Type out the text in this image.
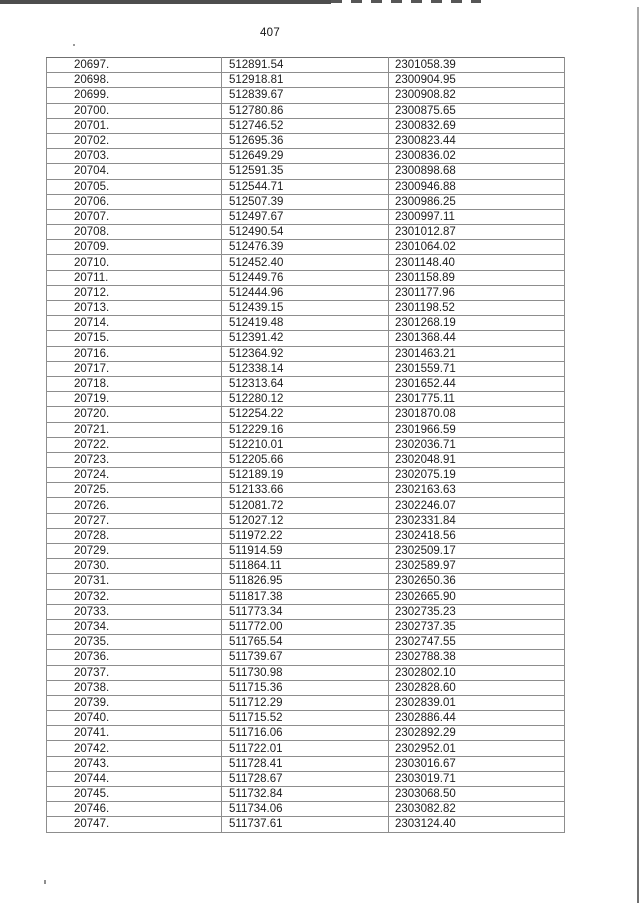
407
20697.	512891.54	2301058.39
20698.	512918.81	2300904.95
20699.	512839.67	2300908.82
20700.	512780.86	2300875.65
20701.	512746.52	2300832.69
20702.	512695.36	2300823.44
20703.	512649.29	2300836.02
20704.	512591.35	2300898.68
20705.	512544.71	2300946.88
20706.	512507.39	2300986.25
20707.	512497.67	2300997.11
20708.	512490.54	2301012.87
20709.	512476.39	2301064.02
20710.	512452.40	2301148.40
20711.	512449.76	2301158.89
20712.	512444.96	2301177.96
20713.	512439.15	2301198.52
20714.	512419.48	2301268.19
20715.	512391.42	2301368.44
20716.	512364.92	2301463.21
20717.	512338.14	2301559.71
20718.	512313.64	2301652.44
20719.	512280.12	2301775.11
20720.	512254.22	2301870.08
20721.	512229.16	2301966.59
20722.	512210.01	2302036.71
20723.	512205.66	2302048.91
20724.	512189.19	2302075.19
20725.	512133.66	2302163.63
20726.	512081.72	2302246.07
20727.	512027.12	2302331.84
20728.	511972.22	2302418.56
20729.	511914.59	2302509.17
20730.	511864.11	2302589.97
20731.	511826.95	2302650.36
20732.	511817.38	2302665.90
20733.	511773.34	2302735.23
20734.	511772.00	2302737.35
20735.	511765.54	2302747.55
20736.	511739.67	2302788.38
20737.	511730.98	2302802.10
20738.	511715.36	2302828.60
20739.	511712.29	2302839.01
20740.	511715.52	2302886.44
20741.	511716.06	2302892.29
20742.	511722.01	2302952.01
20743.	511728.41	2303016.67
20744.	511728.67	2303019.71
20745.	511732.84	2303068.50
20746.	511734.06	2303082.82
20747.	511737.61	2303124.40
